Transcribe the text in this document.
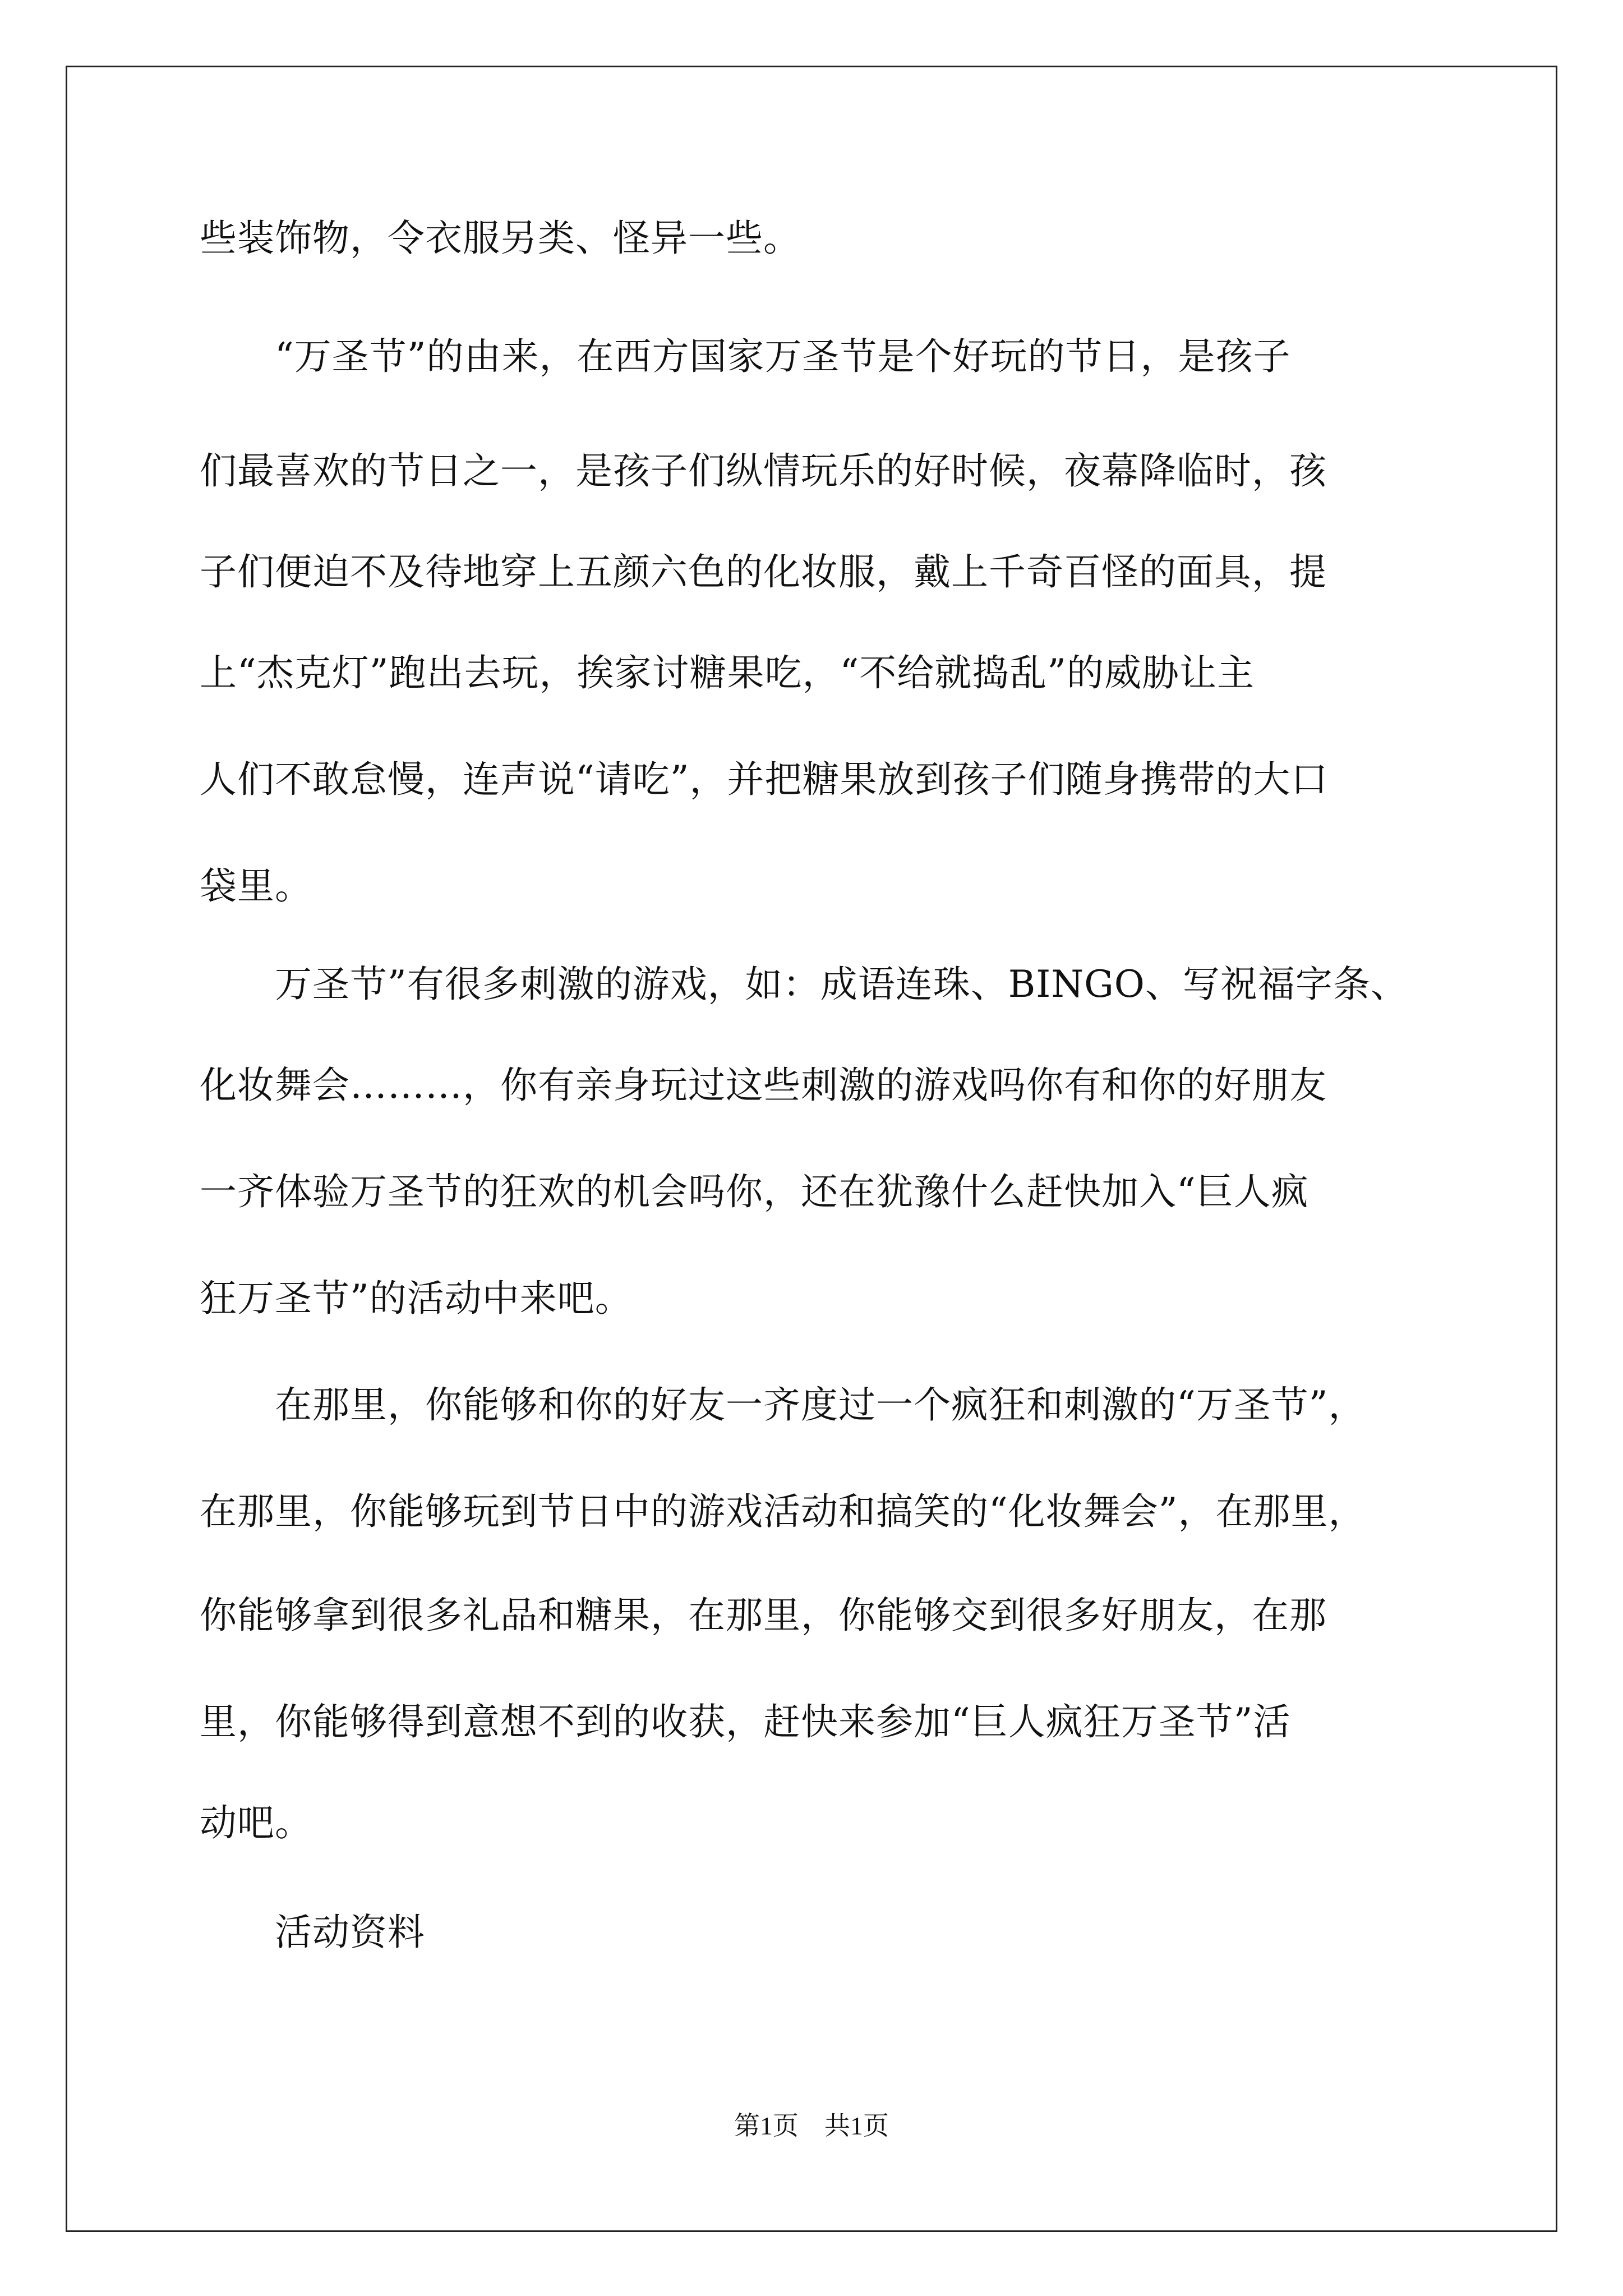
些装饰物，令衣服另类、怪异一些。
　　“万圣节”的由来，在西方国家万圣节是个好玩的节日，是孩子
们最喜欢的节日之一，是孩子们纵情玩乐的好时候，夜幕降临时，孩
子们便迫不及待地穿上五颜六色的化妆服，戴上千奇百怪的面具，提
上“杰克灯”跑出去玩，挨家讨糖果吃，“不给就捣乱”的威胁让主
人们不敢怠慢，连声说“请吃”，并把糖果放到孩子们随身携带的大口
袋里。
　　万圣节”有很多刺激的游戏，如：成语连珠、BINGO、写祝福字条、
化妆舞会………，你有亲身玩过这些刺激的游戏吗你有和你的好朋友
一齐体验万圣节的狂欢的机会吗你，还在犹豫什么赶快加入“巨人疯
狂万圣节”的活动中来吧。
　　在那里，你能够和你的好友一齐度过一个疯狂和刺激的“万圣节”，
在那里，你能够玩到节日中的游戏活动和搞笑的“化妆舞会”，在那里，
你能够拿到很多礼品和糖果，在那里，你能够交到很多好朋友，在那
里，你能够得到意想不到的收获，赶快来参加“巨人疯狂万圣节”活
动吧。
　　活动资料
第1页　共1页
